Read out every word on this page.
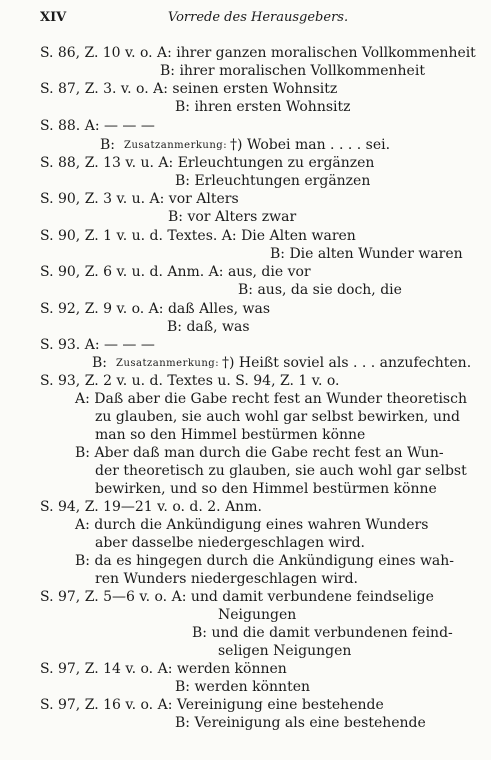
XIV	Vorrede des Herausgebers.
S. 86, Z. 10 v. o. A: ihrer ganzen moralischen Vollkommenheit
B: ihrer moralischen Vollkommenheit
S. 87, Z. 3. v. o. A: seinen ersten Wohnsitz
B: ihren ersten Wohnsitz
S. 88. A: — — —
B: Zusatzanmerkung: †) Wobei man . . . . sei.
S. 88, Z. 13 v. u. A: Erleuchtungen zu ergänzen
B: Erleuchtungen ergänzen
S. 90, Z. 3 v. u. A: vor Alters
B: vor Alters zwar
S. 90, Z. 1 v. u. d. Textes. A: Die Alten waren
B: Die alten Wunder waren
S. 90, Z. 6 v. u. d. Anm. A: aus, die vor
B: aus, da sie doch, die
S. 92, Z. 9 v. o. A: daß Alles, was
B: daß, was
S. 93. A: — — —
B: Zusatzanmerkung: †) Heißt soviel als . . . anzufechten.
S. 93, Z. 2 v. u. d. Textes u. S. 94, Z. 1 v. o.
A: Daß aber die Gabe recht fest an Wunder theoretisch
zu glauben, sie auch wohl gar selbst bewirken, und
man so den Himmel bestürmen könne
B: Aber daß man durch die Gabe recht fest an Wun-
der theoretisch zu glauben, sie auch wohl gar selbst
bewirken, und so den Himmel bestürmen könne
S. 94, Z. 19—21 v. o. d. 2. Anm.
A: durch die Ankündigung eines wahren Wunders
aber dasselbe niedergeschlagen wird.
B: da es hingegen durch die Ankündigung eines wah-
ren Wunders niedergeschlagen wird.
S. 97, Z. 5—6 v. o. A: und damit verbundene feindselige
Neigungen
B: und die damit verbundenen feind-
seligen Neigungen
S. 97, Z. 14 v. o. A: werden können
B: werden könnten
S. 97, Z. 16 v. o. A: Vereinigung eine bestehende
B: Vereinigung als eine bestehende
